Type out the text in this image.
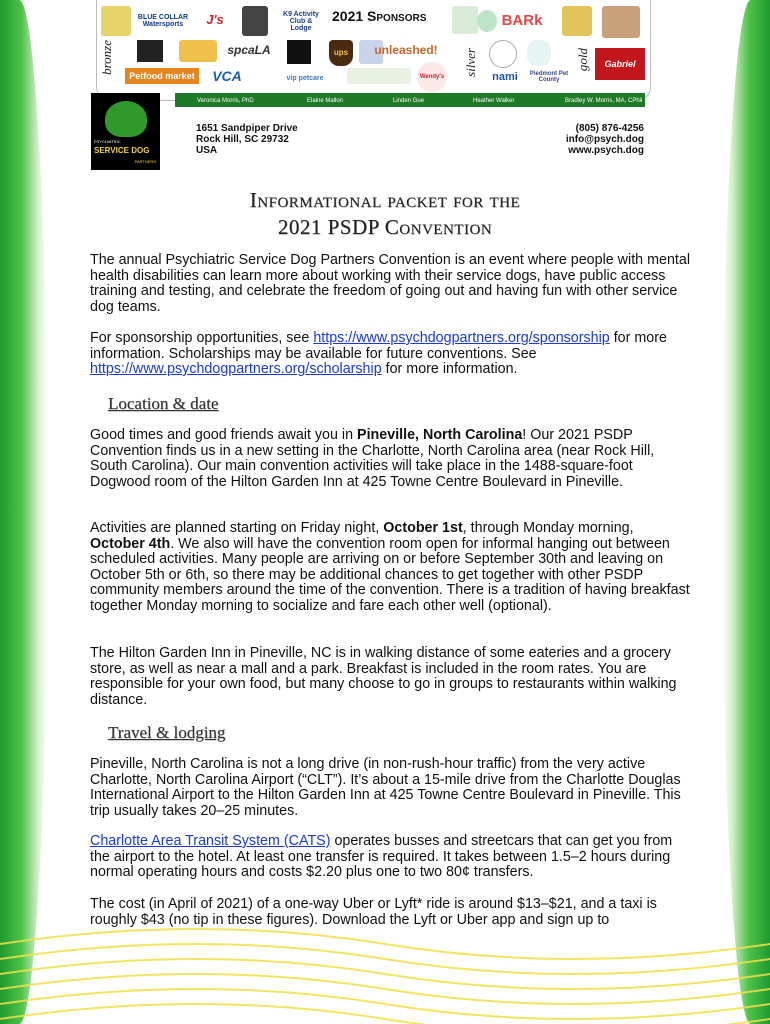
2021 Sponsors
bronze	silver	gold
BLUE COLLAR Watersports	J's	K9 Activity Club & Lodge	BARk
spcaLA	ups	unleashed!
Gabriel
Petfood market	VCA	vip petcare	Wendy's	nami	Piedmont Pet County
Veronica Morris, PhD	Elaine Mallon	Linden Gue	Heather Walker	Bradley W. Morris, MA, CPhil
PSYCHIATRIC
SERVICE DOG
PARTNERS
1651 Sandpiper Drive
Rock Hill, SC 29732
USA
(805) 876-4256
info@psych.dog
www.psych.dog
Informational packet for the
2021 PSDP Convention

The annual Psychiatric Service Dog Partners Convention is an event where people with mental health disabilities can learn more about working with their service dogs, have public access training and testing, and celebrate the freedom of going out and having fun with other service dog teams.

For sponsorship opportunities, see https://www.psychdogpartners.org/sponsorship for more information. Scholarships may be available for future conventions. See https://www.psychdogpartners.org/scholarship for more information.

Location & date

Good times and good friends await you in Pineville, North Carolina! Our 2021 PSDP Convention finds us in a new setting in the Charlotte, North Carolina area (near Rock Hill, South Carolina). Our main convention activities will take place in the 1488-square-foot Dogwood room of the Hilton Garden Inn at 425 Towne Centre Boulevard in Pineville.

Activities are planned starting on Friday night, October 1st, through Monday morning, October 4th. We also will have the convention room open for informal hanging out between scheduled activities. Many people are arriving on or before September 30th and leaving on October 5th or 6th, so there may be additional chances to get together with other PSDP community members around the time of the convention. There is a tradition of having breakfast together Monday morning to socialize and fare each other well (optional).

The Hilton Garden Inn in Pineville, NC is in walking distance of some eateries and a grocery store, as well as near a mall and a park. Breakfast is included in the room rates. You are responsible for your own food, but many choose to go in groups to restaurants within walking distance.

Travel & lodging

Pineville, North Carolina is not a long drive (in non-rush-hour traffic) from the very active Charlotte, North Carolina Airport (“CLT”). It’s about a 15-mile drive from the Charlotte Douglas International Airport to the Hilton Garden Inn at 425 Towne Centre Boulevard in Pineville. This trip usually takes 20–25 minutes.

Charlotte Area Transit System (CATS) operates busses and streetcars that can get you from the airport to the hotel. At least one transfer is required. It takes between 1.5–2 hours during normal operating hours and costs $2.20 plus one to two 80¢ transfers.

The cost (in April of 2021) of a one-way Uber or Lyft* ride is around $13–$21, and a taxi is roughly $43 (no tip in these figures). Download the Lyft or Uber app and sign up to
